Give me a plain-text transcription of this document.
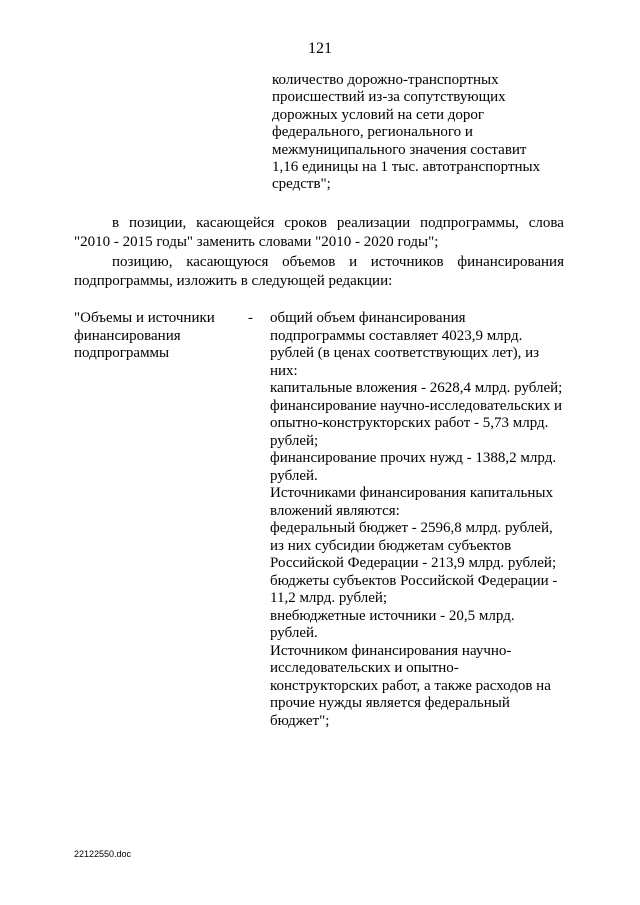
121
количество дорожно-транспортных
происшествий из-за сопутствующих
дорожных условий на сети дорог
федерального, регионального и
межмуниципального значения составит
1,16 единицы на 1 тыс. автотранспортных
средств";
в позиции, касающейся сроков реализации подпрограммы, слова
"2010 - 2015 годы" заменить словами "2010 - 2020 годы";
позицию, касающуюся объемов и источников финансирования
подпрограммы, изложить в следующей редакции:
"Объемы и источники
финансирования
подпрограммы
- общий объем финансирования
подпрограммы составляет 4023,9 млрд.
рублей (в ценах соответствующих лет), из
них:
капитальные вложения - 2628,4 млрд. рублей;
финансирование научно-исследовательских и
опытно-конструкторских работ - 5,73 млрд.
рублей;
финансирование прочих нужд - 1388,2 млрд.
рублей.
Источниками финансирования капитальных
вложений являются:
федеральный бюджет - 2596,8 млрд. рублей,
из них субсидии бюджетам субъектов
Российской Федерации - 213,9 млрд. рублей;
бюджеты субъектов Российской Федерации -
11,2 млрд. рублей;
внебюджетные источники - 20,5 млрд.
рублей.
Источником финансирования научно-
исследовательских и опытно-
конструкторских работ, а также расходов на
прочие нужды является федеральный
бюджет";
22122550.doc
